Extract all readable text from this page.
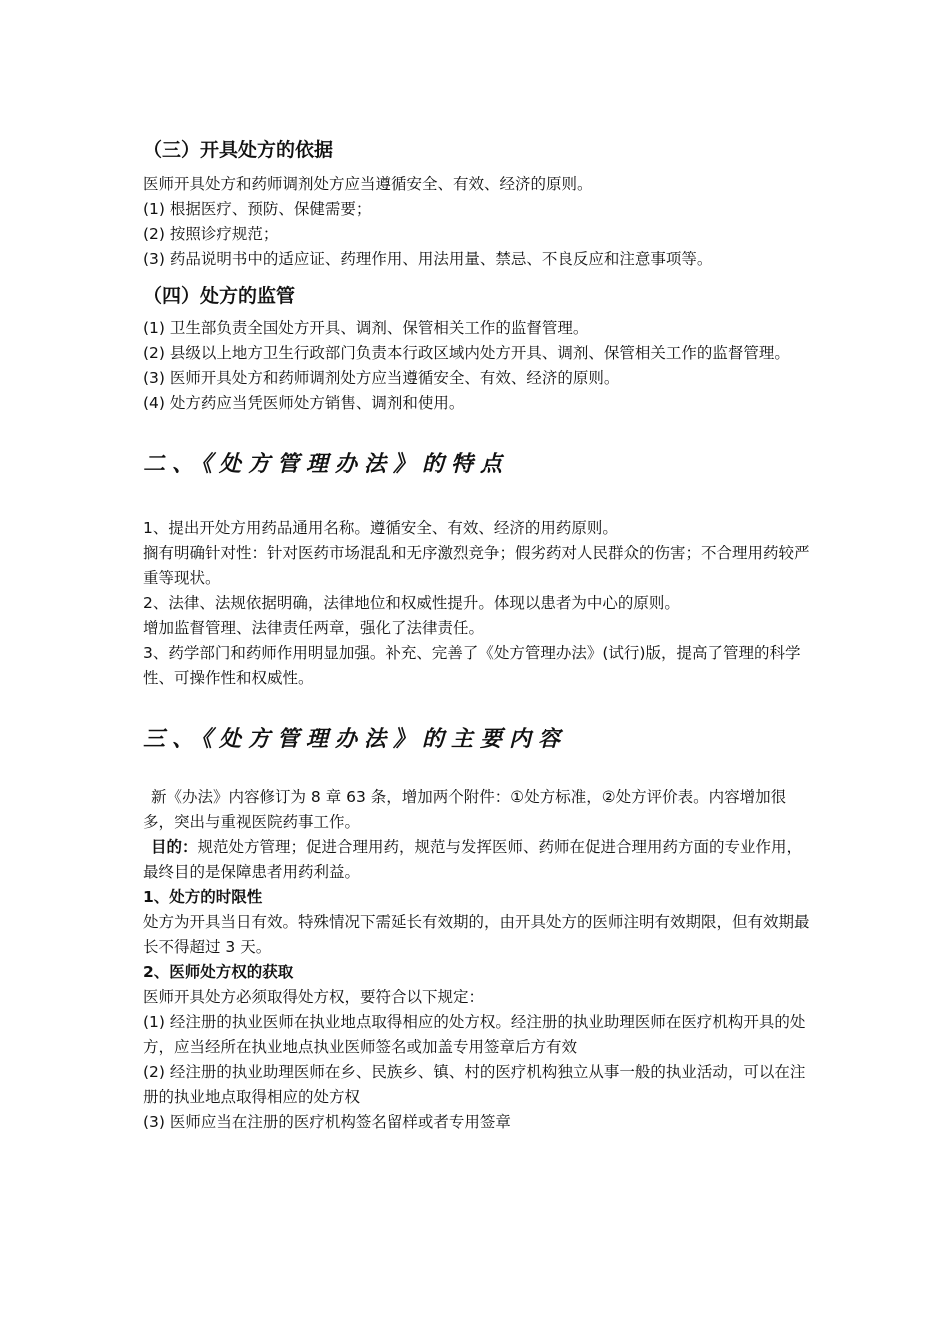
（三）开具处方的依据

医师开具处方和药师调剂处方应当遵循安全、有效、经济的原则。

(1) 根据医疗、预防、保健需要；

(2) 按照诊疗规范；

(3) 药品说明书中的适应证、药理作用、用法用量、禁忌、不良反应和注意事项等。

（四）处方的监管

(1) 卫生部负责全国处方开具、调剂、保管相关工作的监督管理。

(2) 县级以上地方卫生行政部门负责本行政区域内处方开具、调剂、保管相关工作的监督管理。

(3) 医师开具处方和药师调剂处方应当遵循安全、有效、经济的原则。

(4) 处方药应当凭医师处方销售、调剂和使用。

二、《处方管理办法》的特点

1、提出开处方用药品通用名称。遵循安全、有效、经济的用药原则。

搁有明确针对性：针对医药市场混乱和无序激烈竞争；假劣药对人民群众的伤害；不合理用药较严重等现状。

2、法律、法规依据明确，法律地位和权威性提升。体现以患者为中心的原则。

增加监督管理、法律责任两章，强化了法律责任。

3、药学部门和药师作用明显加强。补充、完善了《处方管理办法》(试行)版，提高了管理的科学性、可操作性和权威性。

三、《处方管理办法》的主要内容

新《办法》内容修订为 8 章 63 条，增加两个附件：①处方标准，②处方评价表。内容增加很多，突出与重视医院药事工作。

目的：规范处方管理；促进合理用药，规范与发挥医师、药师在促进合理用药方面的专业作用，最终目的是保障患者用药利益。

1、处方的时限性

处方为开具当日有效。特殊情况下需延长有效期的，由开具处方的医师注明有效期限，但有效期最长不得超过 3 天。

2、医师处方权的获取

医师开具处方必须取得处方权，要符合以下规定：

(1) 经注册的执业医师在执业地点取得相应的处方权。经注册的执业助理医师在医疗机构开具的处方，应当经所在执业地点执业医师签名或加盖专用签章后方有效

(2) 经注册的执业助理医师在乡、民族乡、镇、村的医疗机构独立从事一般的执业活动，可以在注册的执业地点取得相应的处方权

(3) 医师应当在注册的医疗机构签名留样或者专用签章
